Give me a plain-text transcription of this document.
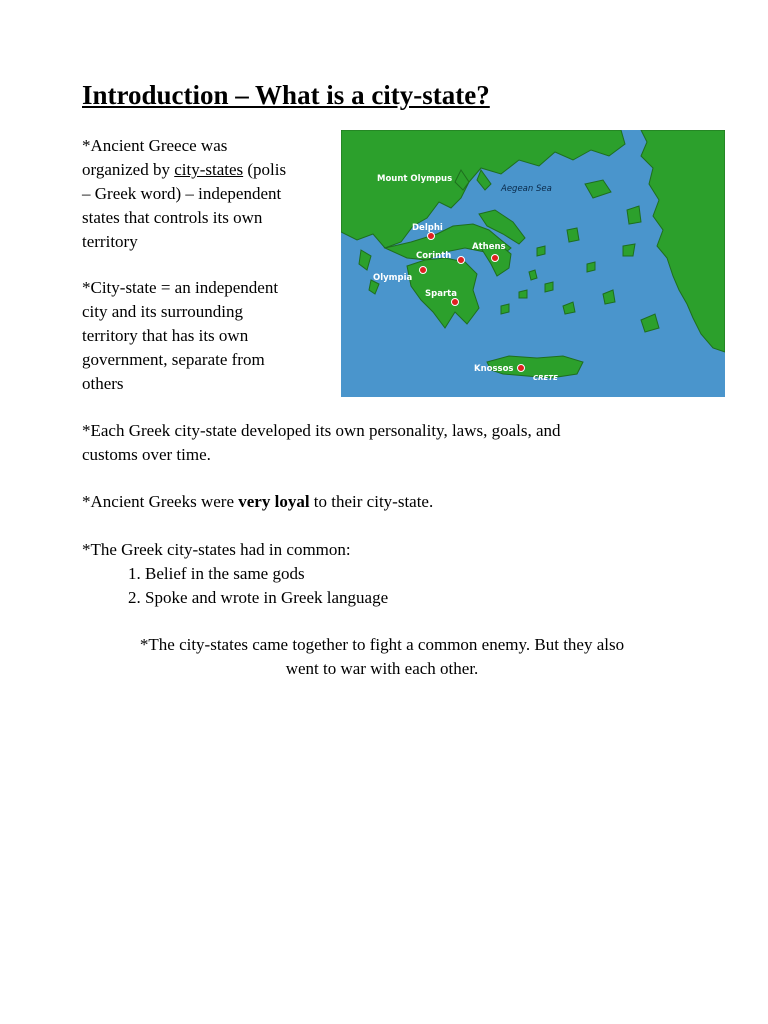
Introduction – What is a city-state?
*Ancient Greece was
organized by city-states (polis
– Greek word) – independent
states that controls its own
territory
*City-state = an independent
city and its surrounding
territory that has its own
government, separate from
others
Mount Olympus
Delphi
Athens
Corinth
Olympia
Sparta
Knossos
Aegean Sea
CRETE
*Each Greek city-state developed its own personality, laws, goals, and
customs over time.
*Ancient Greeks were very loyal to their city-state.
*The Greek city-states had in common:
1. Belief in the same gods
2. Spoke and wrote in Greek language
*The city-states came together to fight a common enemy. But they also
went to war with each other.
